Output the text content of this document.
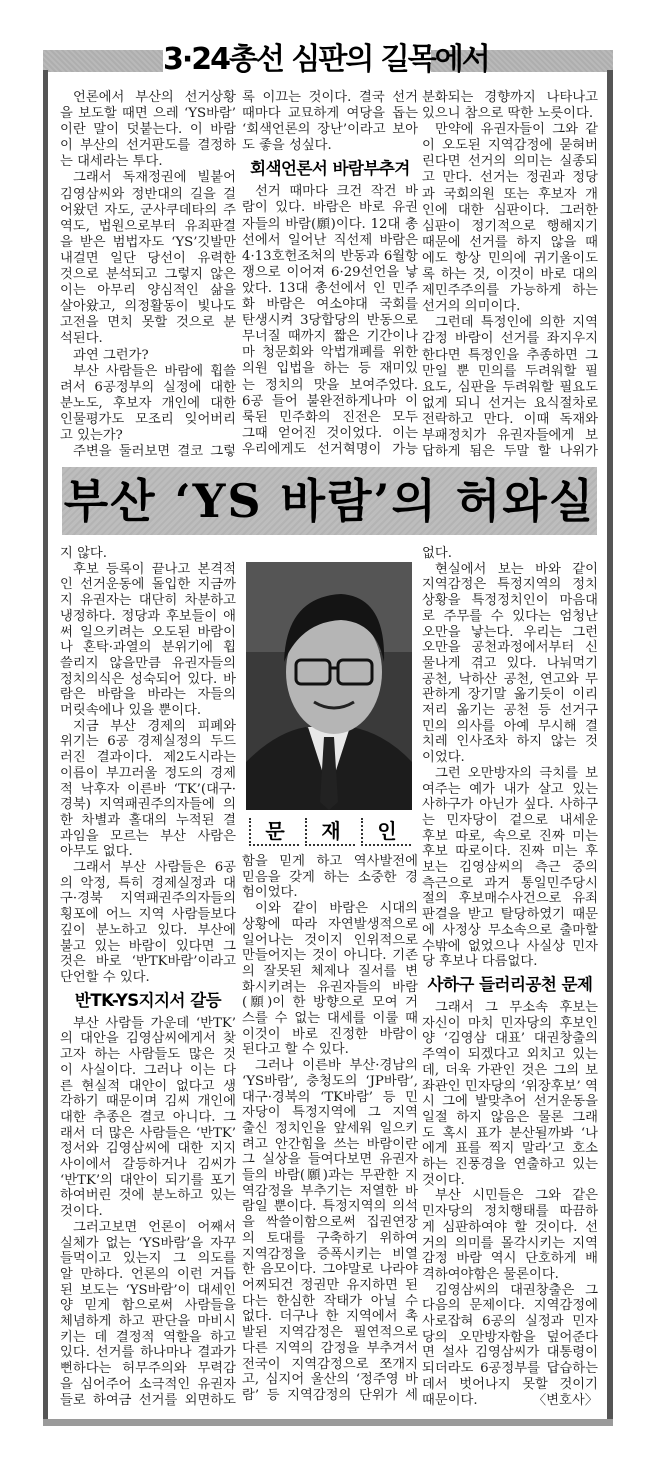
3·24총선 심판의 길목에서
언론에서 부산의 선거상황
을 보도할 때면 으레 ‘YS바람’
이란 말이 덧붙는다. 이 바람
이 부산의 선거판도를 결정하
는 대세라는 투다.
그래서 독재정권에 빌붙어
김영삼씨와 정반대의 길을 걸
어왔던 자도, 군사쿠데타의 주
역도, 법원으로부터 유죄판결
을 받은 범법자도 ‘YS’깃발만
내걸면 일단 당선이 유력한
것으로 분석되고 그렇지 않은
이는 아무리 양심적인 삶을
살아왔고, 의정활동이 빛나도
고전을 면치 못할 것으로 분
석된다.
과연 그런가?
부산 사람들은 바람에 휩쓸
려서 6공정부의 실정에 대한
분노도, 후보자 개인에 대한
인물평가도 모조리 잊어버리
고 있는가?
주변을 둘러보면 결코 그렇
록 이끄는 것이다. 결국 선거
때마다 교묘하게 여당을 돕는
‘회색언론의 장난’이라고 보아
도 좋을 성싶다.
회색언론서 바람부추겨
선거 때마다 크건 작건 바
람이 있다. 바람은 바로 유권
자들의 바람(願)이다. 12대 총
선에서 일어난 직선제 바람은
4·13호헌조처의 반동과 6월항
쟁으로 이어져 6·29선언을 낳
았다. 13대 총선에서 인 민주
화 바람은 여소야대 국회를
탄생시켜 3당합당의 반동으로
무너질 때까지 짧은 기간이나
마 청문회와 악법개폐를 위한
의원 입법을 하는 등 재미있
는 정치의 맛을 보여주었다.
6공 들어 불완전하게나마 이
룩된 민주화의 진전은 모두
그때 얻어진 것이었다. 이는
우리에게도 선거혁명이 가능
분화되는 경향까지 나타나고
있으니 참으로 딱한 노릇이다.
만약에 유권자들이 그와 같
이 오도된 지역감정에 묻혀버
린다면 선거의 의미는 실종되
고 만다. 선거는 정권과 정당
과 국회의원 또는 후보자 개
인에 대한 심판이다. 그러한
심판이 정기적으로 행해지기
때문에 선거를 하지 않을 때
에도 항상 민의에 귀기울이도
록 하는 것, 이것이 바로 대의
제민주주의를 가능하게 하는
선거의 의미이다.
그런데 특정인에 의한 지역
감정 바람이 선거를 좌지우지
한다면 특정인을 추종하면 그
만일 뿐 민의를 두려워할 필
요도, 심판을 두려워할 필요도
없게 되니 선거는 요식절차로
전락하고 만다. 이때 독재와
부패정치가 유권자들에게 보
답하게 됨은 두말 할 나위가
부산 ‘YS 바람’의 허와실
지 않다.
후보 등록이 끝나고 본격적
인 선거운동에 돌입한 지금까
지 유권자는 대단히 차분하고
냉정하다. 정당과 후보들이 애
써 일으키려는 오도된 바람이
나 혼탁·과열의 분위기에 휩
쓸리지 않을만큼 유권자들의
정치의식은 성숙되어 있다. 바
람은 바람을 바라는 자들의
머릿속에나 있을 뿐이다.
지금 부산 경제의 피폐와
위기는 6공 경제실정의 두드
러진 결과이다. 제2도시라는
이름이 부끄러울 정도의 경제
적 낙후자 이른바 ‘TK’(대구·
경북) 지역패권주의자들에 의
한 차별과 홀대의 누적된 결
과임을 모르는 부산 사람은
아무도 없다.
그래서 부산 사람들은 6공
의 악정, 특히 경제실정과 대
구·경북 지역패권주의자들의
횡포에 어느 지역 사람들보다
깊이 분노하고 있다. 부산에
불고 있는 바람이 있다면 그
것은 바로 ‘반TK바람’이라고
단언할 수 있다.
반TK-YS지지서 갈등
부산 사람들 가운데 ‘반TK’
의 대안을 김영삼씨에게서 찾
고자 하는 사람들도 많은 것
이 사실이다. 그러나 이는 다
른 현실적 대안이 없다고 생
각하기 때문이며 김씨 개인에
대한 추종은 결코 아니다. 그
래서 더 많은 사람들은 ‘반TK’
정서와 김영삼씨에 대한 지지
사이에서 갈등하거나 김씨가
‘반TK’의 대안이 되기를 포기
하여버린 것에 분노하고 있는
것이다.
그러고보면 언론이 어째서
실체가 없는 ‘YS바람’을 자꾸
들먹이고 있는지 그 의도를
알 만하다. 언론의 이런 거듭
된 보도는 ‘YS바람’이 대세인
양 믿게 함으로써 사람들을
체념하게 하고 판단을 마비시
키는 데 결정적 역할을 하고
있다. 선거를 하나마나 결과가
뻔하다는 허무주의와 무력감
을 심어주어 소극적인 유권자
들로 하여금 선거를 외면하도
문	재	인
함을 믿게 하고 역사발전에
믿음을 갖게 하는 소중한 경
험이었다.
이와 같이 바람은 시대의
상황에 따라 자연발생적으로
일어나는 것이지 인위적으로
만들어지는 것이 아니다. 기존
의 잘못된 체제나 질서를 변
화시키려는 유권자들의 바람
(願)이 한 방향으로 모여 거
스를 수 없는 대세를 이룰 때
이것이 바로 진정한 바람이
된다고 할 수 있다.
그러나 이른바 부산·경남의
‘YS바람’, 충청도의 ‘JP바람’,
대구·경북의 ‘TK바람’ 등 민
자당이 특정지역에 그 지역
출신 정치인을 앞세워 일으키
려고 안간힘을 쓰는 바람이란
그 실상을 들여다보면 유권자
들의 바람(願)과는 무관한 지
역감정을 부추기는 저열한 바
람일 뿐이다. 특정지역의 의석
을 싹쓸이함으로써 집권연장
의 토대를 구축하기 위하여
지역감정을 증폭시키는 비열
한 음모이다. 그야말로 나라야
어찌되건 정권만 유지하면 된
다는 한심한 작태가 아닐 수
없다. 더구나 한 지역에서 촉
발된 지역감정은 필연적으로
다른 지역의 감정을 부추겨서
전국이 지역감정으로 쪼개지
고, 심지어 울산의 ‘정주영 바
람’ 등 지역감정의 단위가 세
없다.
현실에서 보는 바와 같이
지역감정은 특정지역의 정치
상황을 특정정치인이 마음대
로 주무를 수 있다는 엄청난
오만을 낳는다. 우리는 그런
오만을 공천과정에서부터 신
물나게 겪고 있다. 나눠먹기
공천, 낙하산 공천, 연고와 무
관하게 장기말 옮기듯이 이리
저리 옮기는 공천 등 선거구
민의 의사를 아예 무시해 결
치레 인사조차 하지 않는 것
이었다.
그런 오만방자의 극치를 보
여주는 예가 내가 살고 있는
사하구가 아닌가 싶다. 사하구
는 민자당이 겉으로 내세운
후보 따로, 속으로 진짜 미는
후보 따로이다. 진짜 미는 후
보는 김영삼씨의 측근 중의
측근으로 과거 통일민주당시
절의 후보매수사건으로 유죄
판결을 받고 탈당하였기 때문
에 사정상 무소속으로 출마할
수밖에 없었으나 사실상 민자
당 후보나 다름없다.
사하구 들러리공천 문제
그래서 그 무소속 후보는
자신이 마치 민자당의 후보인
양 ‘김영삼 대표’ 대권창출의
주역이 되겠다고 외치고 있는
데, 더욱 가관인 것은 그의 보
좌관인 민자당의 ‘위장후보’ 역
시 그에 발맞추어 선거운동을
일절 하지 않음은 물론 그래
도 혹시 표가 분산될까봐 ‘나
에게 표를 찍지 말라’고 호소
하는 진풍경을 연출하고 있는
것이다.
부산 시민들은 그와 같은
민자당의 정치행태를 따끔하
게 심판하여야 할 것이다. 선
거의 의미를 몰각시키는 지역
감정 바람 역시 단호하게 배
격하여야함은 물론이다.
김영삼씨의 대권창출은 그
다음의 문제이다. 지역감정에
사로잡혀 6공의 실정과 민자
당의 오만방자함을 덮어준다
면 설사 김영삼씨가 대통령이
되더라도 6공정부를 답습하는
데서 벗어나지 못할 것이기
때문이다.	〈변호사〉
